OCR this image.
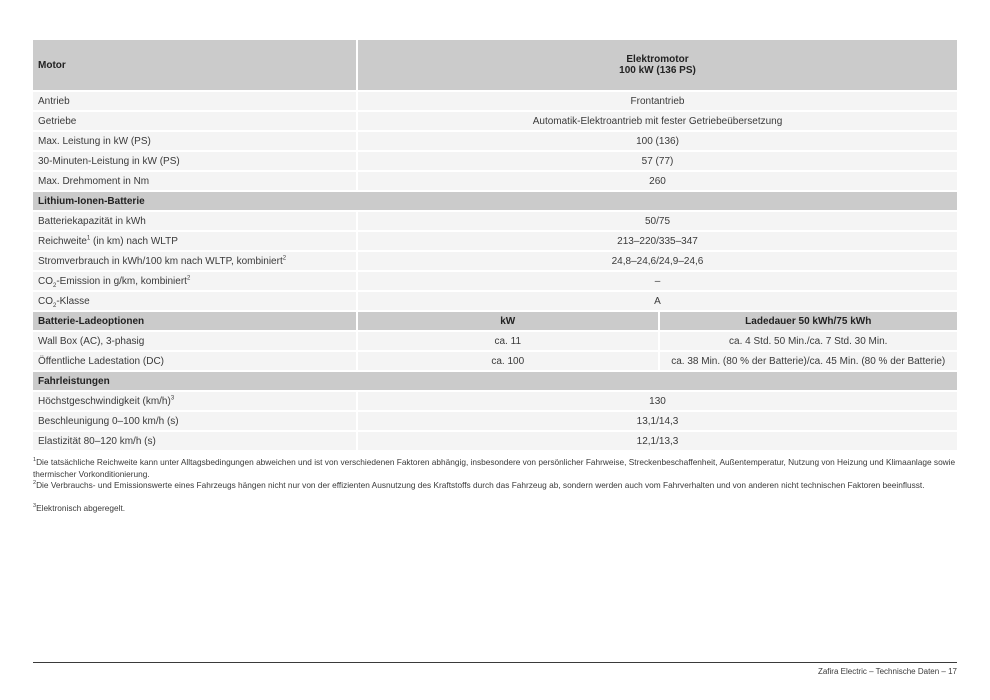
Motor	Elektromotor
100 kW (136 PS)	

Antrieb	Frontantrieb	
Getriebe	Automatik-Elektroantrieb mit fester Getriebeübersetzung	
Max. Leistung in kW (PS)	100 (136)	
30-Minuten-Leistung in kW (PS)	57 (77)	
Max. Drehmoment in Nm	260	
Lithium-Ionen-Batterie		
Batteriekapazität in kWh	50/75	
Reichweite$^1$ (in km) nach WLTP	213–220/335–347	
Stromverbrauch in kWh/100 km nach WLTP, kombiniert$^2$	24,8–24,6/24,9–24,6	
$CO_2$-Emission in g/km, kombiniert$^2$	–	
$CO_2$-Klasse	A	
Batterie-Ladeoptionen	kW	Ladedauer 50 kWh/75 kWh
Wall Box (AC), 3-phasig	ca. 11	ca. 4 Std. 50 Min./ca. 7 Std. 30 Min.
Öffentliche Ladestation (DC)	ca. 100	ca. 38 Min. (80 % der Batterie)/ca. 45 Min. (80 % der Batterie)
Fahrleistungen		
Höchstgeschwindigkeit $(km/h)^3$	130	
Beschleunigung 0–100 km/h (s)	13,1/14,3	
Elastizität 80–120 km/h (s)	12,1/13,3	
$^1$Die tatsächliche Reichweite kann unter Alltagsbedingungen abweichen und ist von verschiedenen Faktoren abhängig, insbesondere von persönlicher Fahrweise, Streckenbeschaffenheit, Außentemperatur, Nutzung von Heizung und Klimaanlage sowie thermischer Vorkonditionierung.
$^2$Die Verbrauchs- und Emissionswerte eines Fahrzeugs hängen nicht nur von der effizienten Ausnutzung des Kraftstoffs durch das Fahrzeug ab, sondern werden auch vom Fahrverhalten und von anderen nicht technischen Faktoren beeinflusst.
$^3$Elektronisch abgeregelt.
Zafira Electric – Technische Daten – 17
